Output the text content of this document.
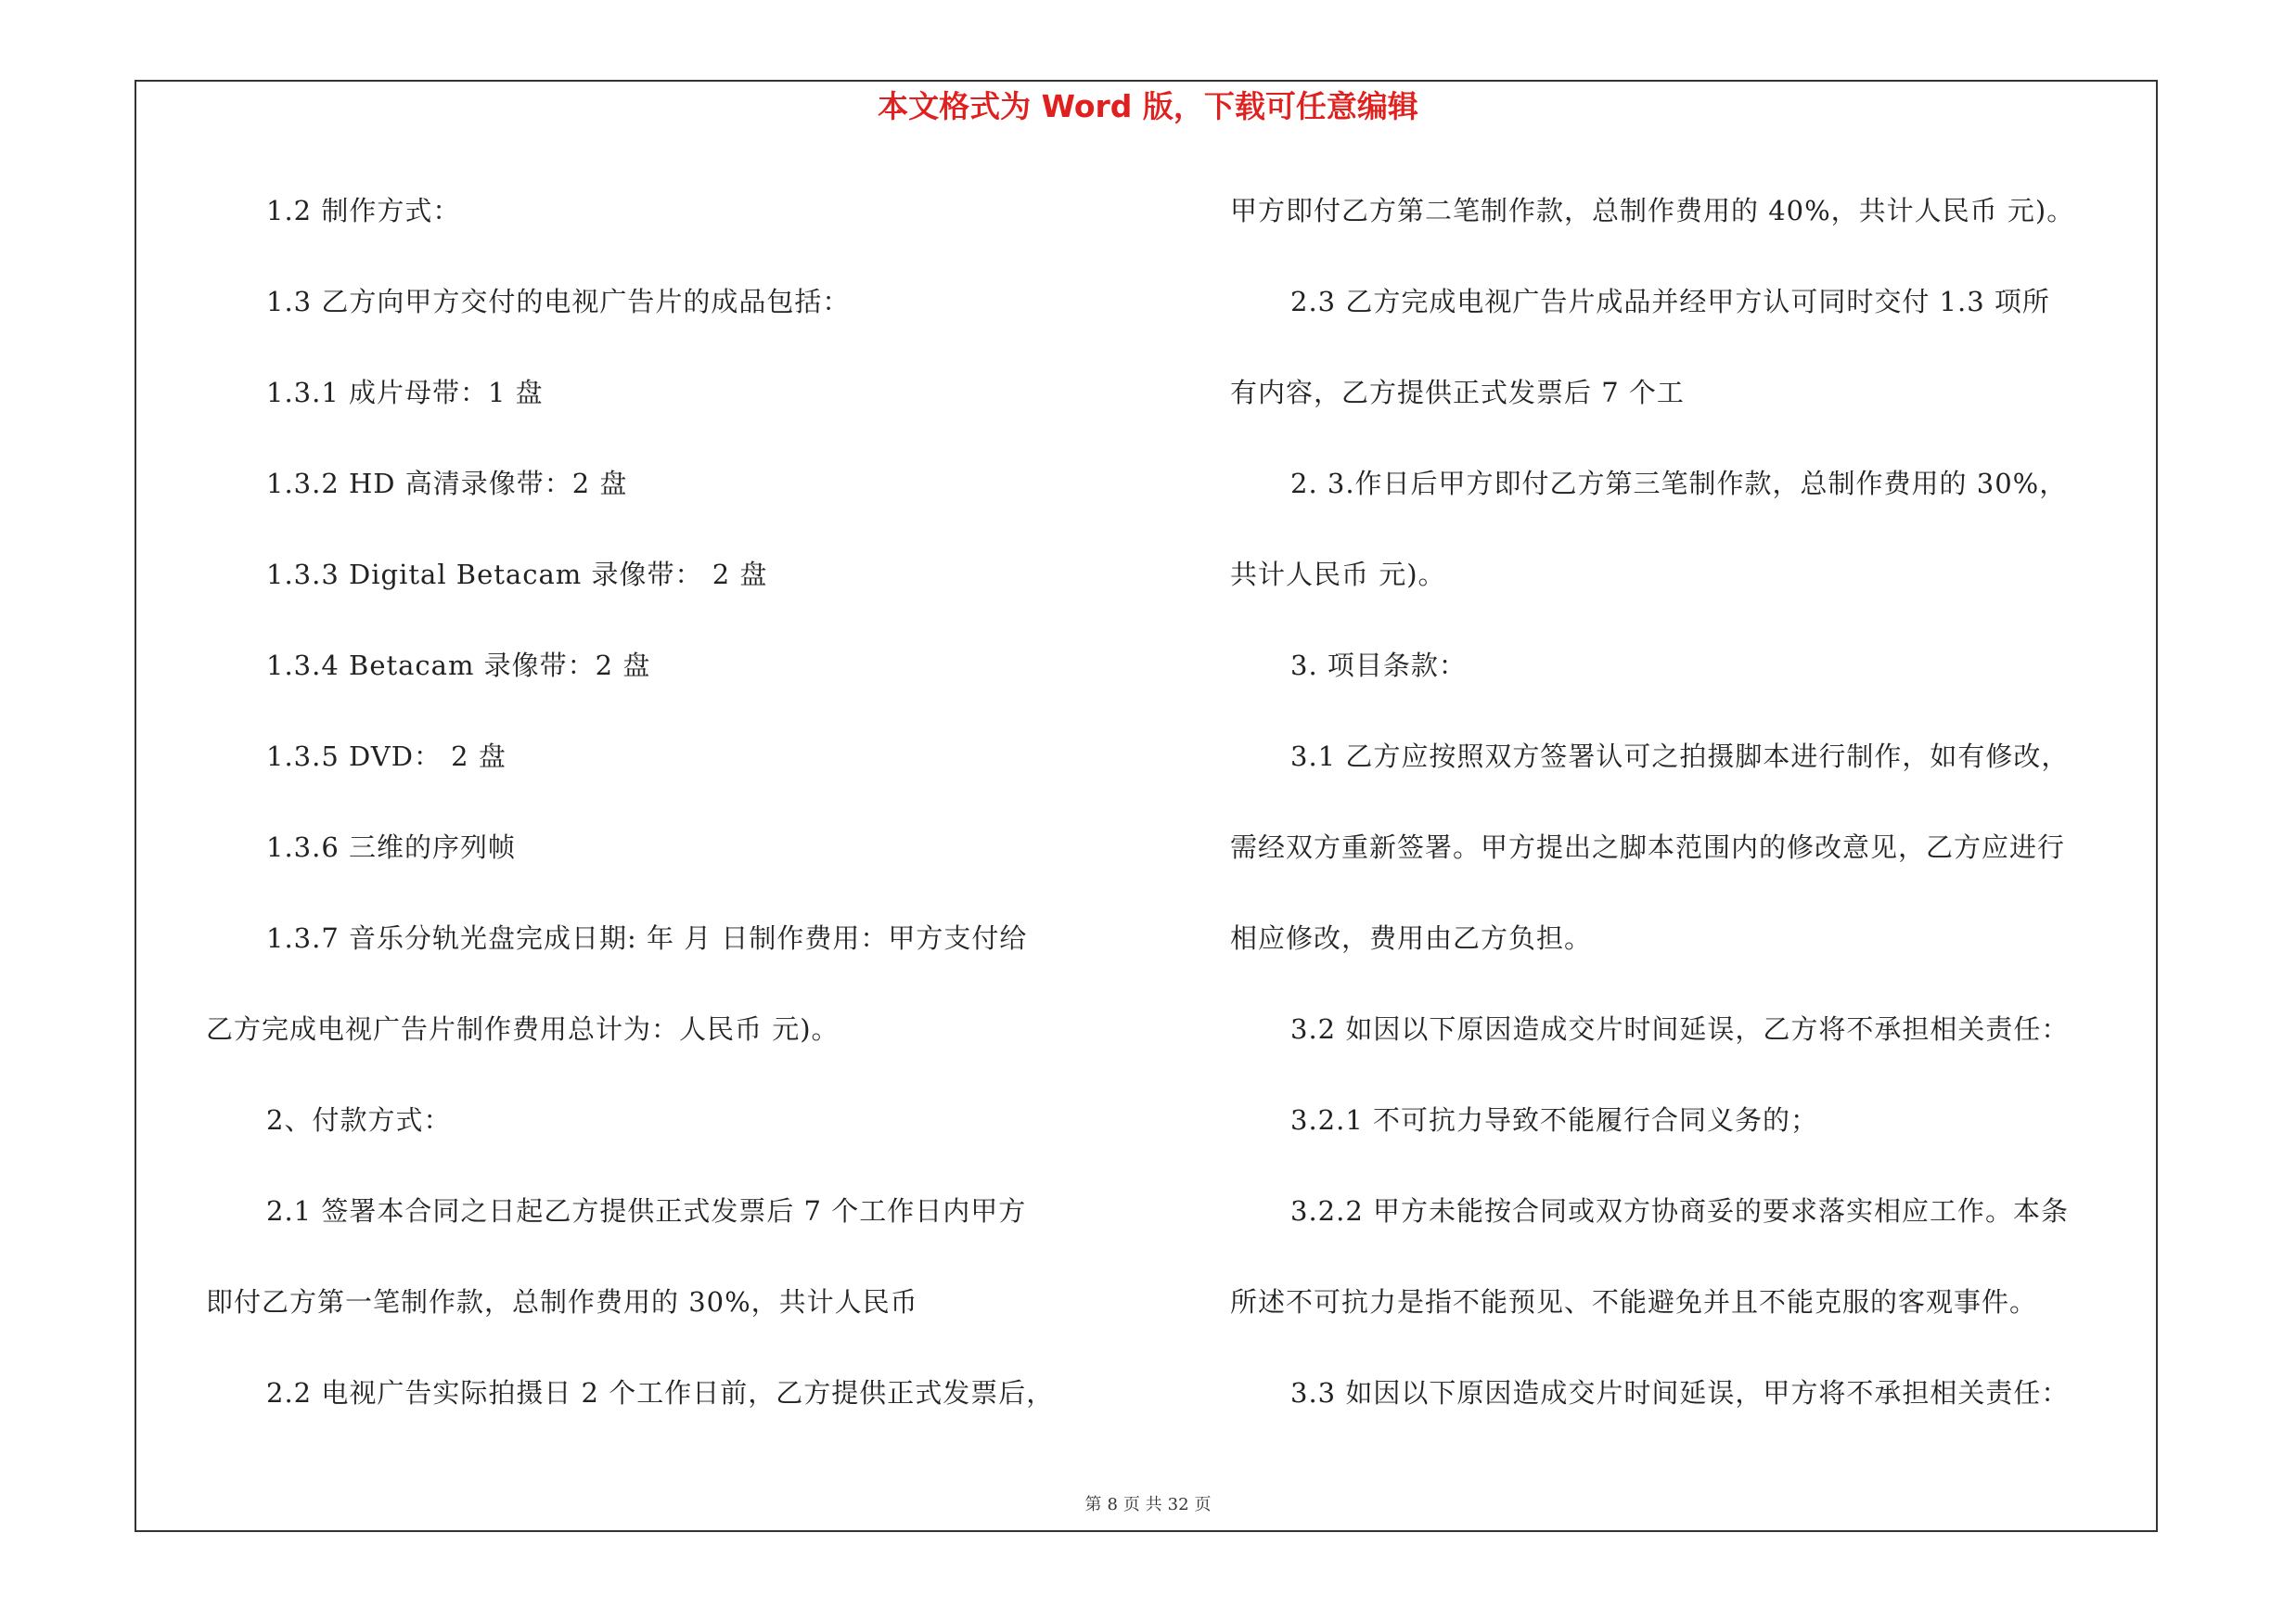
本文格式为 Word 版，下载可任意编辑
1.2 制作方式：
1.3 乙方向甲方交付的电视广告片的成品包括：
1.3.1 成片母带：1 盘
1.3.2 HD 高清录像带：2 盘
1.3.3 Digital Betacam 录像带： 2 盘
1.3.4 Betacam 录像带：2 盘
1.3.5 DVD： 2 盘
1.3.6 三维的序列帧
1.3.7 音乐分轨光盘完成日期: 年 月 日制作费用：甲方支付给
乙方完成电视广告片制作费用总计为：人民币 元)。
2、付款方式：
2.1 签署本合同之日起乙方提供正式发票后 7 个工作日内甲方
即付乙方第一笔制作款，总制作费用的 30%，共计人民币
2.2 电视广告实际拍摄日 2 个工作日前，乙方提供正式发票后，
甲方即付乙方第二笔制作款，总制作费用的 40%，共计人民币 元)。
2.3 乙方完成电视广告片成品并经甲方认可同时交付 1.3 项所
有内容，乙方提供正式发票后 7 个工
2. 3.作日后甲方即付乙方第三笔制作款，总制作费用的 30%，
共计人民币 元)。
3. 项目条款：
3.1 乙方应按照双方签署认可之拍摄脚本进行制作，如有修改，
需经双方重新签署。甲方提出之脚本范围内的修改意见，乙方应进行
相应修改，费用由乙方负担。
3.2 如因以下原因造成交片时间延误，乙方将不承担相关责任：
3.2.1 不可抗力导致不能履行合同义务的；
3.2.2 甲方未能按合同或双方协商妥的要求落实相应工作。本条
所述不可抗力是指不能预见、不能避免并且不能克服的客观事件。
3.3 如因以下原因造成交片时间延误，甲方将不承担相关责任：
第 8 页 共 32 页
